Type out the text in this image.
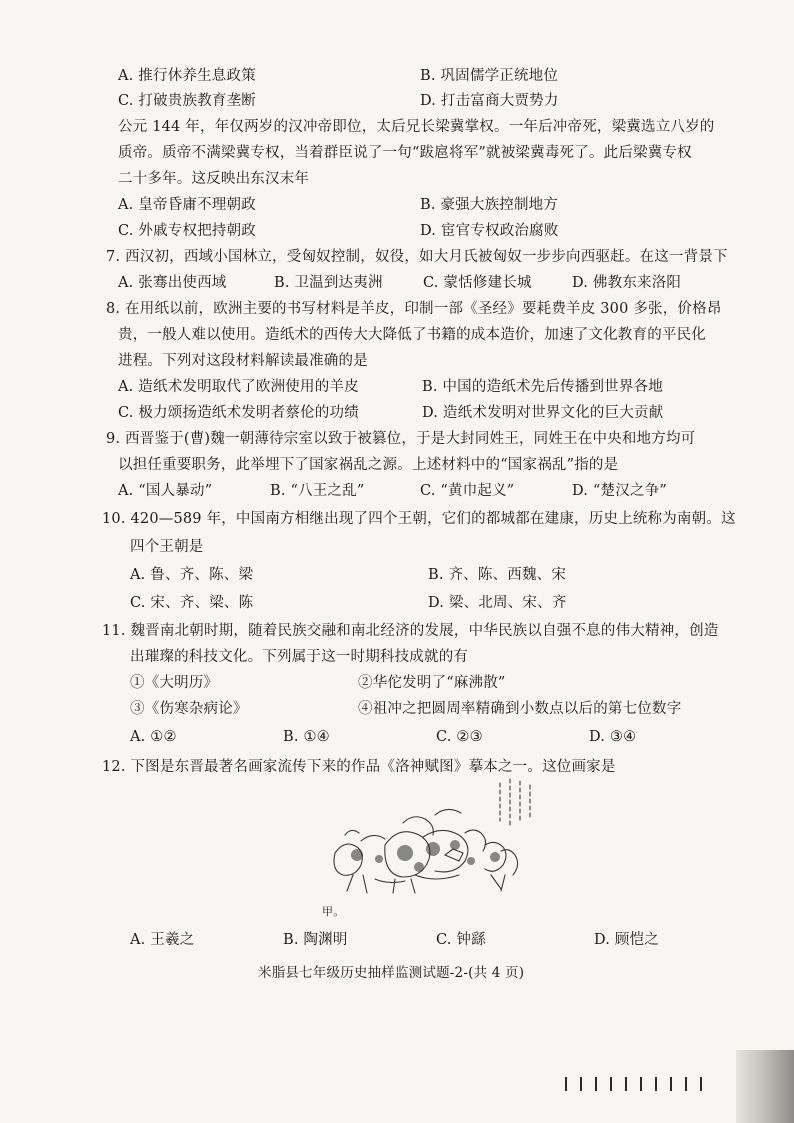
A. 推行休养生息政策	B. 巩固儒学正统地位
C. 打破贵族教育垄断	D. 打击富商大贾势力
公元 144 年，年仅两岁的汉冲帝即位，太后兄长梁冀掌权。一年后冲帝死，梁冀选立八岁的
质帝。质帝不满梁冀专权，当着群臣说了一句“跋扈将军”就被梁冀毒死了。此后梁冀专权
二十多年。这反映出东汉末年
A. 皇帝昏庸不理朝政	B. 豪强大族控制地方
C. 外戚专权把持朝政	D. 宦官专权政治腐败
7. 西汉初，西域小国林立，受匈奴控制，奴役，如大月氏被匈奴一步步向西驱赶。在这一背景下
A. 张骞出使西域	B. 卫温到达夷洲	C. 蒙恬修建长城	D. 佛教东来洛阳
8. 在用纸以前，欧洲主要的书写材料是羊皮，印制一部《圣经》要耗费羊皮 300 多张，价格昂
贵，一般人难以使用。造纸术的西传大大降低了书籍的成本造价，加速了文化教育的平民化
进程。下列对这段材料解读最准确的是
A. 造纸术发明取代了欧洲使用的羊皮	B. 中国的造纸术先后传播到世界各地
C. 极力颂扬造纸术发明者蔡伦的功绩	D. 造纸术发明对世界文化的巨大贡献
9. 西晋鉴于(曹)魏一朝薄待宗室以致于被篡位，于是大封同姓王，同姓王在中央和地方均可
以担任重要职务，此举埋下了国家祸乱之源。上述材料中的“国家祸乱”指的是
A. “国人暴动”	B. “八王之乱”	C. “黄巾起义”	D. “楚汉之争”
10. 420—589 年，中国南方相继出现了四个王朝，它们的都城都在建康，历史上统称为南朝。这
四个王朝是
A. 鲁、齐、陈、梁	B. 齐、陈、西魏、宋
C. 宋、齐、梁、陈	D. 梁、北周、宋、齐
11. 魏晋南北朝时期，随着民族交融和南北经济的发展，中华民族以自强不息的伟大精神，创造
出璀璨的科技文化。下列属于这一时期科技成就的有
①《大明历》	②华佗发明了“麻沸散”
③《伤寒杂病论》	④祖冲之把圆周率精确到小数点以后的第七位数字
A. ①②	B. ①④	C. ②③	D. ③④
12. 下图是东晋最著名画家流传下来的作品《洛神赋图》摹本之一。这位画家是
甲。
A. 王羲之	B. 陶渊明	C. 钟繇	D. 顾恺之
米脂县七年级历史抽样监测试题-2-(共 4 页)
